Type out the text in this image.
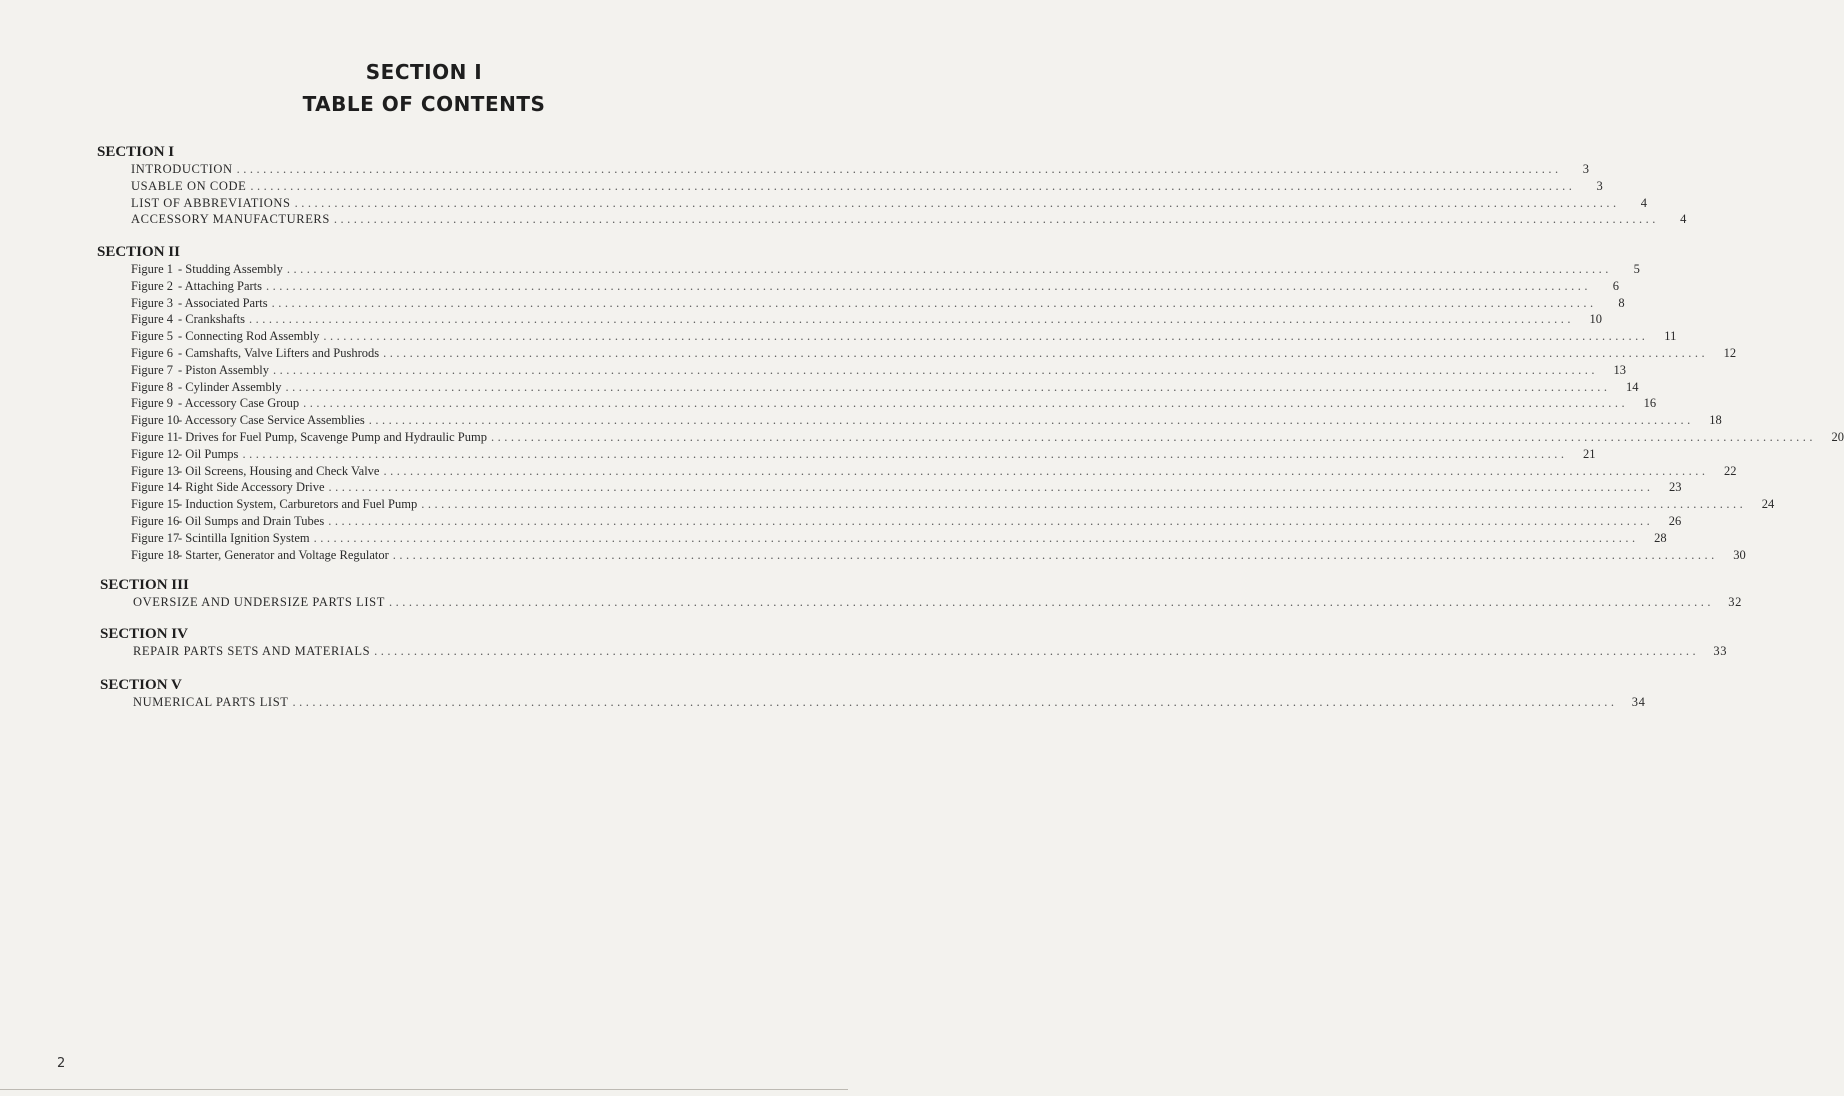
SECTION I
TABLE OF CONTENTS
SECTION I
INTRODUCTION ........................................................................................................................................................................................................	3
USABLE ON CODE ........................................................................................................................................................................................................	3
LIST OF ABBREVIATIONS ........................................................................................................................................................................................................	4
ACCESSORY MANUFACTURERS ........................................................................................................................................................................................................	4
SECTION II
Figure 1 - Studding Assembly ........................................................................................................................................................................................................	5
Figure 2 - Attaching Parts ........................................................................................................................................................................................................	6
Figure 3 - Associated Parts ........................................................................................................................................................................................................	8
Figure 4 - Crankshafts ........................................................................................................................................................................................................	10
Figure 5 - Connecting Rod Assembly ........................................................................................................................................................................................................	11
Figure 6 - Camshafts, Valve Lifters and Pushrods ........................................................................................................................................................................................................	12
Figure 7 - Piston Assembly ........................................................................................................................................................................................................	13
Figure 8 - Cylinder Assembly ........................................................................................................................................................................................................	14
Figure 9 - Accessory Case Group ........................................................................................................................................................................................................	16
Figure 10- Accessory Case Service Assemblies ........................................................................................................................................................................................................	18
Figure 11- Drives for Fuel Pump, Scavenge Pump and Hydraulic Pump ........................................................................................................................................................................................................	20
Figure 12- Oil Pumps ........................................................................................................................................................................................................	21
Figure 13- Oil Screens, Housing and Check Valve ........................................................................................................................................................................................................	22
Figure 14- Right Side Accessory Drive ........................................................................................................................................................................................................	23
Figure 15- Induction System, Carburetors and Fuel Pump ........................................................................................................................................................................................................	24
Figure 16- Oil Sumps and Drain Tubes ........................................................................................................................................................................................................	26
Figure 17- Scintilla Ignition System ........................................................................................................................................................................................................	28
Figure 18- Starter, Generator and Voltage Regulator ........................................................................................................................................................................................................	30
SECTION III
OVERSIZE AND UNDERSIZE PARTS LIST ........................................................................................................................................................................................................	32
SECTION IV
REPAIR PARTS SETS AND MATERIALS ........................................................................................................................................................................................................	33
SECTION V
NUMERICAL PARTS LIST ........................................................................................................................................................................................................	34
2
